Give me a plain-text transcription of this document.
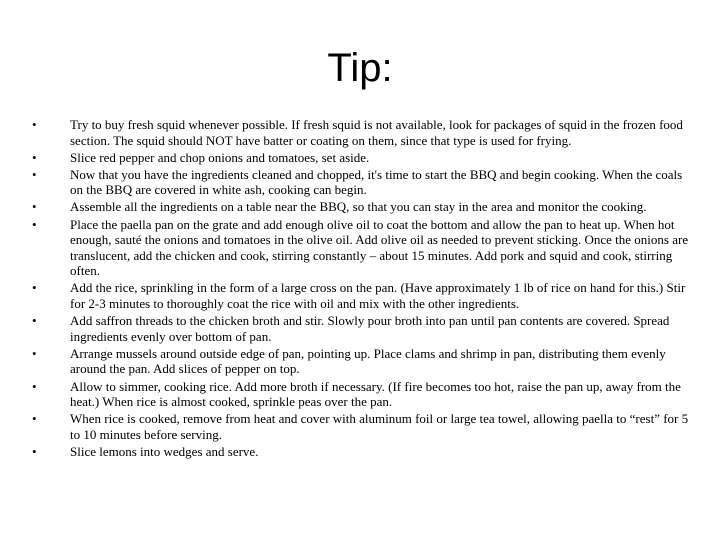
Tip:
•	Try to buy fresh squid whenever possible. If fresh squid is not available, look for packages of squid in the frozen food section. The squid should NOT have batter or coating on them, since that type is used for frying.
•	Slice red pepper and chop onions and tomatoes, set aside.
•	Now that you have the ingredients cleaned and chopped, it's time to start the BBQ and begin cooking. When the coals on the BBQ are covered in white ash, cooking can begin.
•	Assemble all the ingredients on a table near the BBQ, so that you can stay in the area and monitor the cooking.
•	Place the paella pan on the grate and add enough olive oil to coat the bottom and allow the pan to heat up. When hot enough, sauté the onions and tomatoes in the olive oil. Add olive oil as needed to prevent sticking. Once the onions are translucent, add the chicken and cook, stirring constantly – about 15 minutes. Add pork and squid and cook, stirring often.
•	Add the rice, sprinkling in the form of a large cross on the pan. (Have approximately 1 lb of rice on hand for this.) Stir for 2-3 minutes to thoroughly coat the rice with oil and mix with the other ingredients.
•	Add saffron threads to the chicken broth and stir. Slowly pour broth into pan until pan contents are covered. Spread ingredients evenly over bottom of pan.
•	Arrange mussels around outside edge of pan, pointing up. Place clams and shrimp in pan, distributing them evenly around the pan. Add slices of pepper on top.
•	Allow to simmer, cooking rice. Add more broth if necessary. (If fire becomes too hot, raise the pan up, away from the heat.) When rice is almost cooked, sprinkle peas over the pan.
•	When rice is cooked, remove from heat and cover with aluminum foil or large tea towel, allowing paella to “rest” for 5 to 10 minutes before serving.
•	Slice lemons into wedges and serve.
